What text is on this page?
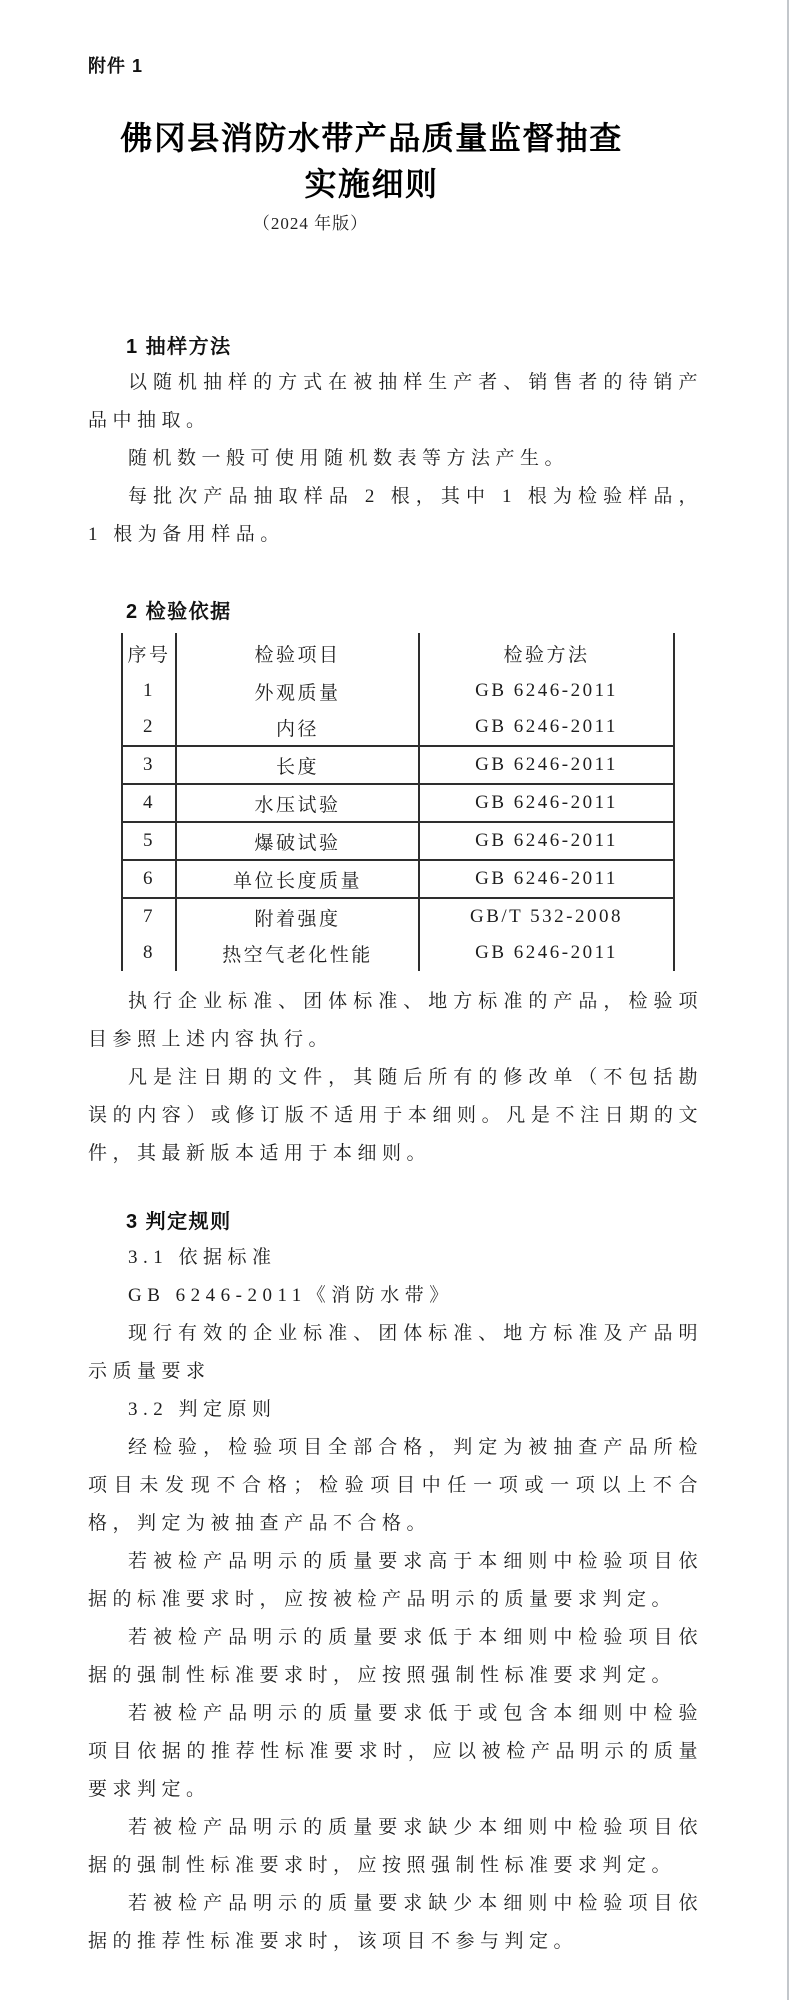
附件 1
佛冈县消防水带产品质量监督抽查
实施细则
（2024 年版）
1 抽样方法

以随机抽样的方式在被抽样生产者、销售者的待销产品中抽取。

随机数一般可使用随机数表等方法产生。

每批次产品抽取样品 2 根，其中 1 根为检验样品，1 根为备用样品。

2 检验依据
序号	检验项目	检验方法
1	外观质量	GB 6246-2011
2	内径	GB 6246-2011
3	长度	GB 6246-2011
4	水压试验	GB 6246-2011
5	爆破试验	GB 6246-2011
6	单位长度质量	GB 6246-2011
7	附着强度	GB/T 532-2008
8	热空气老化性能	GB 6246-2011

执行企业标准、团体标准、地方标准的产品，检验项目参照上述内容执行。

凡是注日期的文件，其随后所有的修改单（不包括勘误的内容）或修订版不适用于本细则。凡是不注日期的文件，其最新版本适用于本细则。

3 判定规则

3.1 依据标准

GB 6246-2011《消防水带》

现行有效的企业标准、团体标准、地方标准及产品明示质量要求

3.2 判定原则

经检验，检验项目全部合格，判定为被抽查产品所检项目未发现不合格；检验项目中任一项或一项以上不合格，判定为被抽查产品不合格。

若被检产品明示的质量要求高于本细则中检验项目依据的标准要求时，应按被检产品明示的质量要求判定。

若被检产品明示的质量要求低于本细则中检验项目依据的强制性标准要求时，应按照强制性标准要求判定。

若被检产品明示的质量要求低于或包含本细则中检验项目依据的推荐性标准要求时，应以被检产品明示的质量要求判定。

若被检产品明示的质量要求缺少本细则中检验项目依据的强制性标准要求时，应按照强制性标准要求判定。

若被检产品明示的质量要求缺少本细则中检验项目依据的推荐性标准要求时，该项目不参与判定。
